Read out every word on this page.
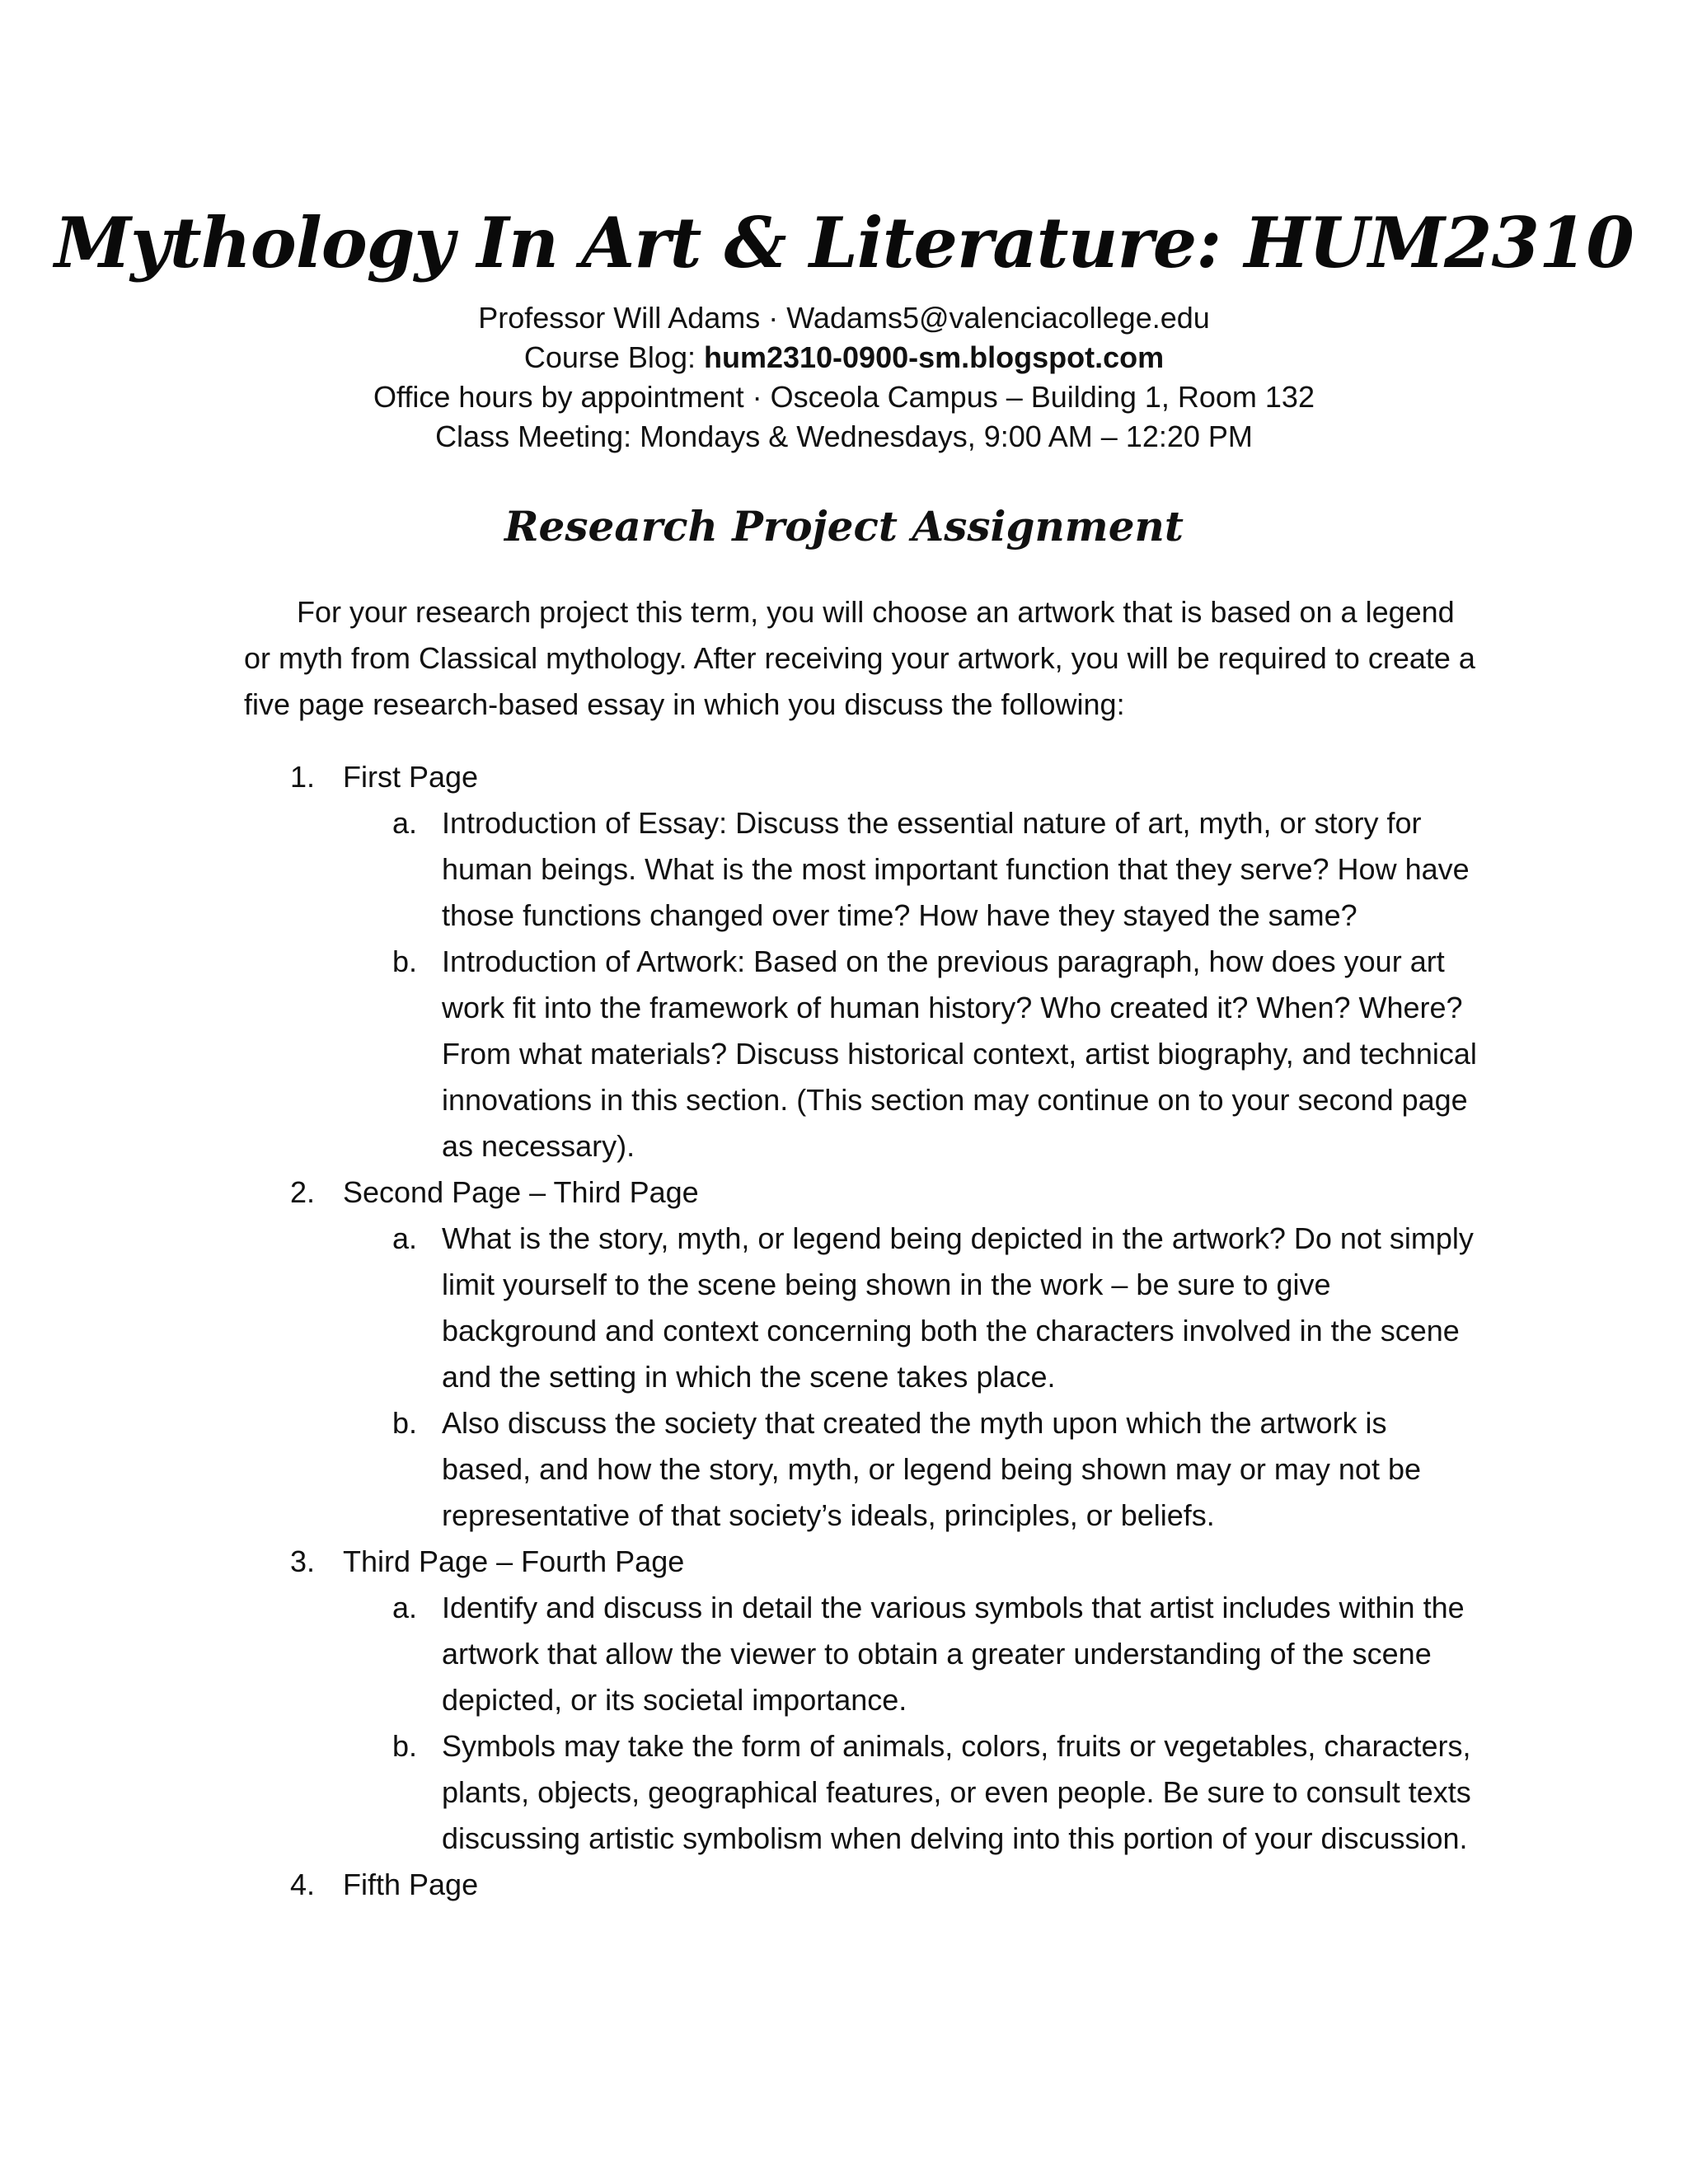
Mythology In Art & Literature: HUM2310
Professor Will Adams · Wadams5@valenciacollege.edu
Course Blog: hum2310-0900-sm.blogspot.com
Office hours by appointment · Osceola Campus – Building 1, Room 132
Class Meeting: Mondays & Wednesdays, 9:00 AM – 12:20 PM
Research Project Assignment

For your research project this term, you will choose an artwork that is based on a legend or myth from Classical mythology. After receiving your artwork, you will be required to create a five page research-based essay in which you discuss the following:

1. First Page
a. Introduction of Essay: Discuss the essential nature of art, myth, or story for human beings. What is the most important function that they serve? How have those functions changed over time? How have they stayed the same?
b. Introduction of Artwork: Based on the previous paragraph, how does your art work fit into the framework of human history? Who created it? When? Where? From what materials? Discuss historical context, artist biography, and technical innovations in this section. (This section may continue on to your second page as necessary).
2. Second Page – Third Page
a. What is the story, myth, or legend being depicted in the artwork? Do not simply limit yourself to the scene being shown in the work – be sure to give background and context concerning both the characters involved in the scene and the setting in which the scene takes place.
b. Also discuss the society that created the myth upon which the artwork is based, and how the story, myth, or legend being shown may or may not be representative of that society’s ideals, principles, or beliefs.
3. Third Page – Fourth Page
a. Identify and discuss in detail the various symbols that artist includes within the artwork that allow the viewer to obtain a greater understanding of the scene depicted, or its societal importance.
b. Symbols may take the form of animals, colors, fruits or vegetables, characters, plants, objects, geographical features, or even people. Be sure to consult texts discussing artistic symbolism when delving into this portion of your discussion.
4. Fifth Page
